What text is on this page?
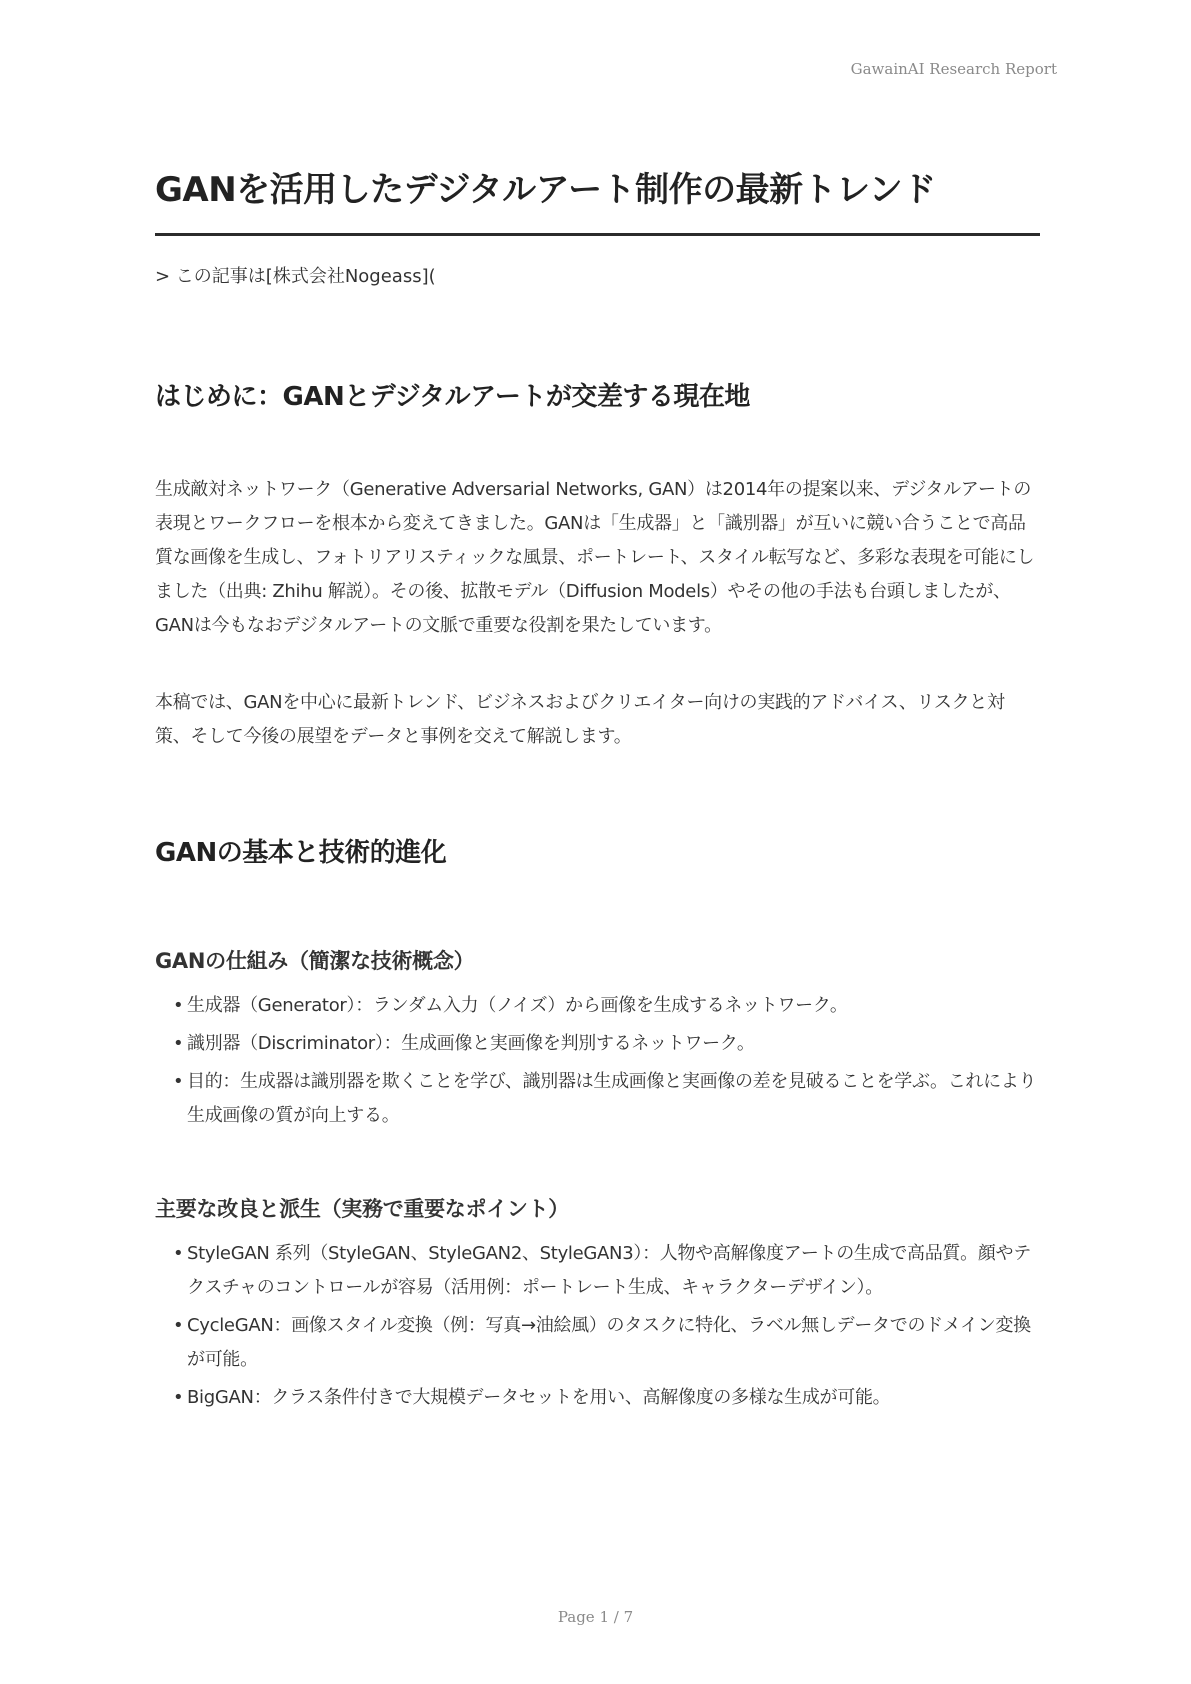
GawainAI Research Report
GANを活用したデジタルアート制作の最新トレンド
> この記事は[株式会社Nogeass](
はじめに：GANとデジタルアートが交差する現在地

生成敵対ネットワーク（Generative Adversarial Networks, GAN）は2014年の提案以来、デジタルアートの表現とワークフローを根本から変えてきました。GANは「生成器」と「識別器」が互いに競い合うことで高品質な画像を生成し、フォトリアリスティックな風景、ポートレート、スタイル転写など、多彩な表現を可能にしました（出典: Zhihu 解説）。その後、拡散モデル（Diffusion Models）やその他の手法も台頭しましたが、GANは今もなおデジタルアートの文脈で重要な役割を果たしています。

本稿では、GANを中心に最新トレンド、ビジネスおよびクリエイター向けの実践的アドバイス、リスクと対策、そして今後の展望をデータと事例を交えて解説します。

GANの基本と技術的進化
GANの仕組み（簡潔な技術概念）
• 生成器（Generator）：ランダム入力（ノイズ）から画像を生成するネットワーク。
• 識別器（Discriminator）：生成画像と実画像を判別するネットワーク。
• 目的：生成器は識別器を欺くことを学び、識別器は生成画像と実画像の差を見破ることを学ぶ。これにより生成画像の質が向上する。
主要な改良と派生（実務で重要なポイント）
• StyleGAN 系列（StyleGAN、StyleGAN2、StyleGAN3）：人物や高解像度アートの生成で高品質。顔やテクスチャのコントロールが容易（活用例：ポートレート生成、キャラクターデザイン）。
• CycleGAN：画像スタイル変換（例：写真→油絵風）のタスクに特化、ラベル無しデータでのドメイン変換が可能。
• BigGAN：クラス条件付きで大規模データセットを用い、高解像度の多様な生成が可能。
Page 1 / 7
